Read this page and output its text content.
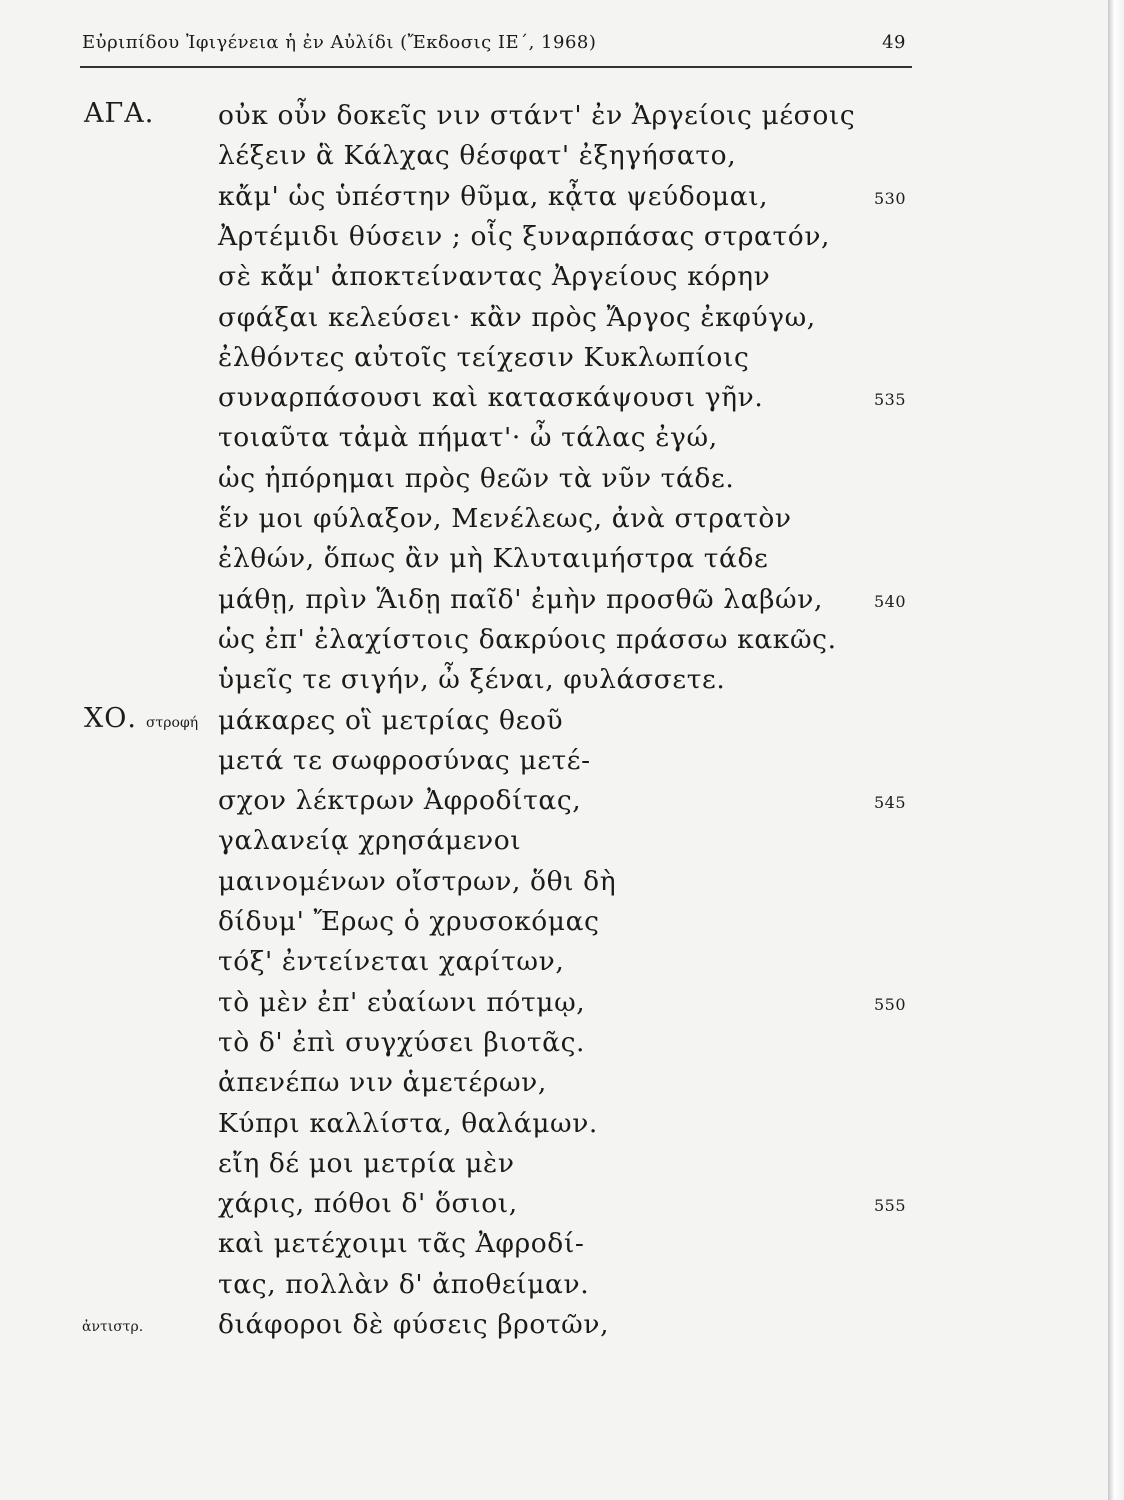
Εὐριπίδου Ἰφιγένεια ἡ ἐν Αὐλίδι (Ἔκδοσις ΙΕ΄, 1968)	49
ΑΓΑ. οὐκ οὖν δοκεῖς νιν στάντ' ἐν Ἀργείοις μέσοις
λέξειν ἃ Κάλχας θέσφατ' ἐξηγήσατο,
κἄμ' ὡς ὑπέστην θῦμα, κᾆτα ψεύδομαι,	530
Ἀρτέμιδι θύσειν ; οἷς ξυναρπάσας στρατόν,
σὲ κἄμ' ἀποκτείναντας Ἀργείους κόρην
σφάξαι κελεύσει· κἂν πρὸς Ἄργος ἐκφύγω,
ἐλθόντες αὐτοῖς τείχεσιν Κυκλωπίοις
συναρπάσουσι καὶ κατασκάψουσι γῆν.	535
τοιαῦτα τἀμὰ πήματ'· ὦ τάλας ἐγώ,
ὡς ἠπόρημαι πρὸς θεῶν τὰ νῦν τάδε.
ἕν μοι φύλαξον, Μενέλεως, ἀνὰ στρατὸν
ἐλθών, ὅπως ἂν μὴ Κλυταιμήστρα τάδε
μάθῃ, πρὶν Ἅιδῃ παῖδ' ἐμὴν προσθῶ λαβών,	540
ὡς ἐπ' ἐλαχίστοις δακρύοις πράσσω κακῶς.
ὑμεῖς τε σιγήν, ὦ ξέναι, φυλάσσετε.
ΧΟ. στροφή μάκαρες οἳ μετρίας θεοῦ
μετά τε σωφροσύνας μετέ-
σχον λέκτρων Ἀφροδίτας,	545
γαλανείᾳ χρησάμενοι
μαινομένων οἴστρων, ὅθι δὴ
δίδυμ' Ἔρως ὁ χρυσοκόμας
τόξ' ἐντείνεται χαρίτων,
τὸ μὲν ἐπ' εὐαίωνι πότμῳ,	550
τὸ δ' ἐπὶ συγχύσει βιοτᾶς.
ἀπενέπω νιν ἁμετέρων,
Κύπρι καλλίστα, θαλάμων.
εἴη δέ μοι μετρία μὲν
χάρις, πόθοι δ' ὅσιοι,	555
καὶ μετέχοιμι τᾶς Ἀφροδί-
τας, πολλὰν δ' ἀποθείμαν.
ἀντιστρ.	διάφοροι δὲ φύσεις βροτῶν,
